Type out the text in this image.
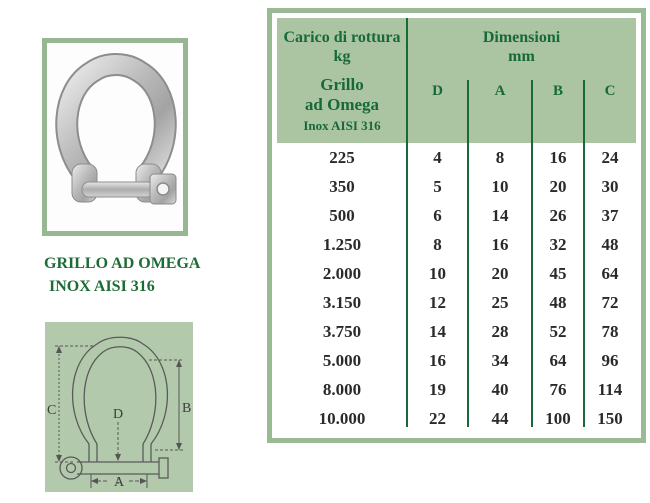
GRILLO AD OMEGA
INOX AISI 316
C	B
D
A
Carico di rottura
kg
Grillo
ad Omega
Inox AISI 316
Dimensioni
mm
D	A	B	C
225	4	8	16	24
350	5	10	20	30
500	6	14	26	37
1.250	8	16	32	48
2.000	10	20	45	64
3.150	12	25	48	72
3.750	14	28	52	78
5.000	16	34	64	96
8.000	19	40	76	114
10.000	22	44	100	150
